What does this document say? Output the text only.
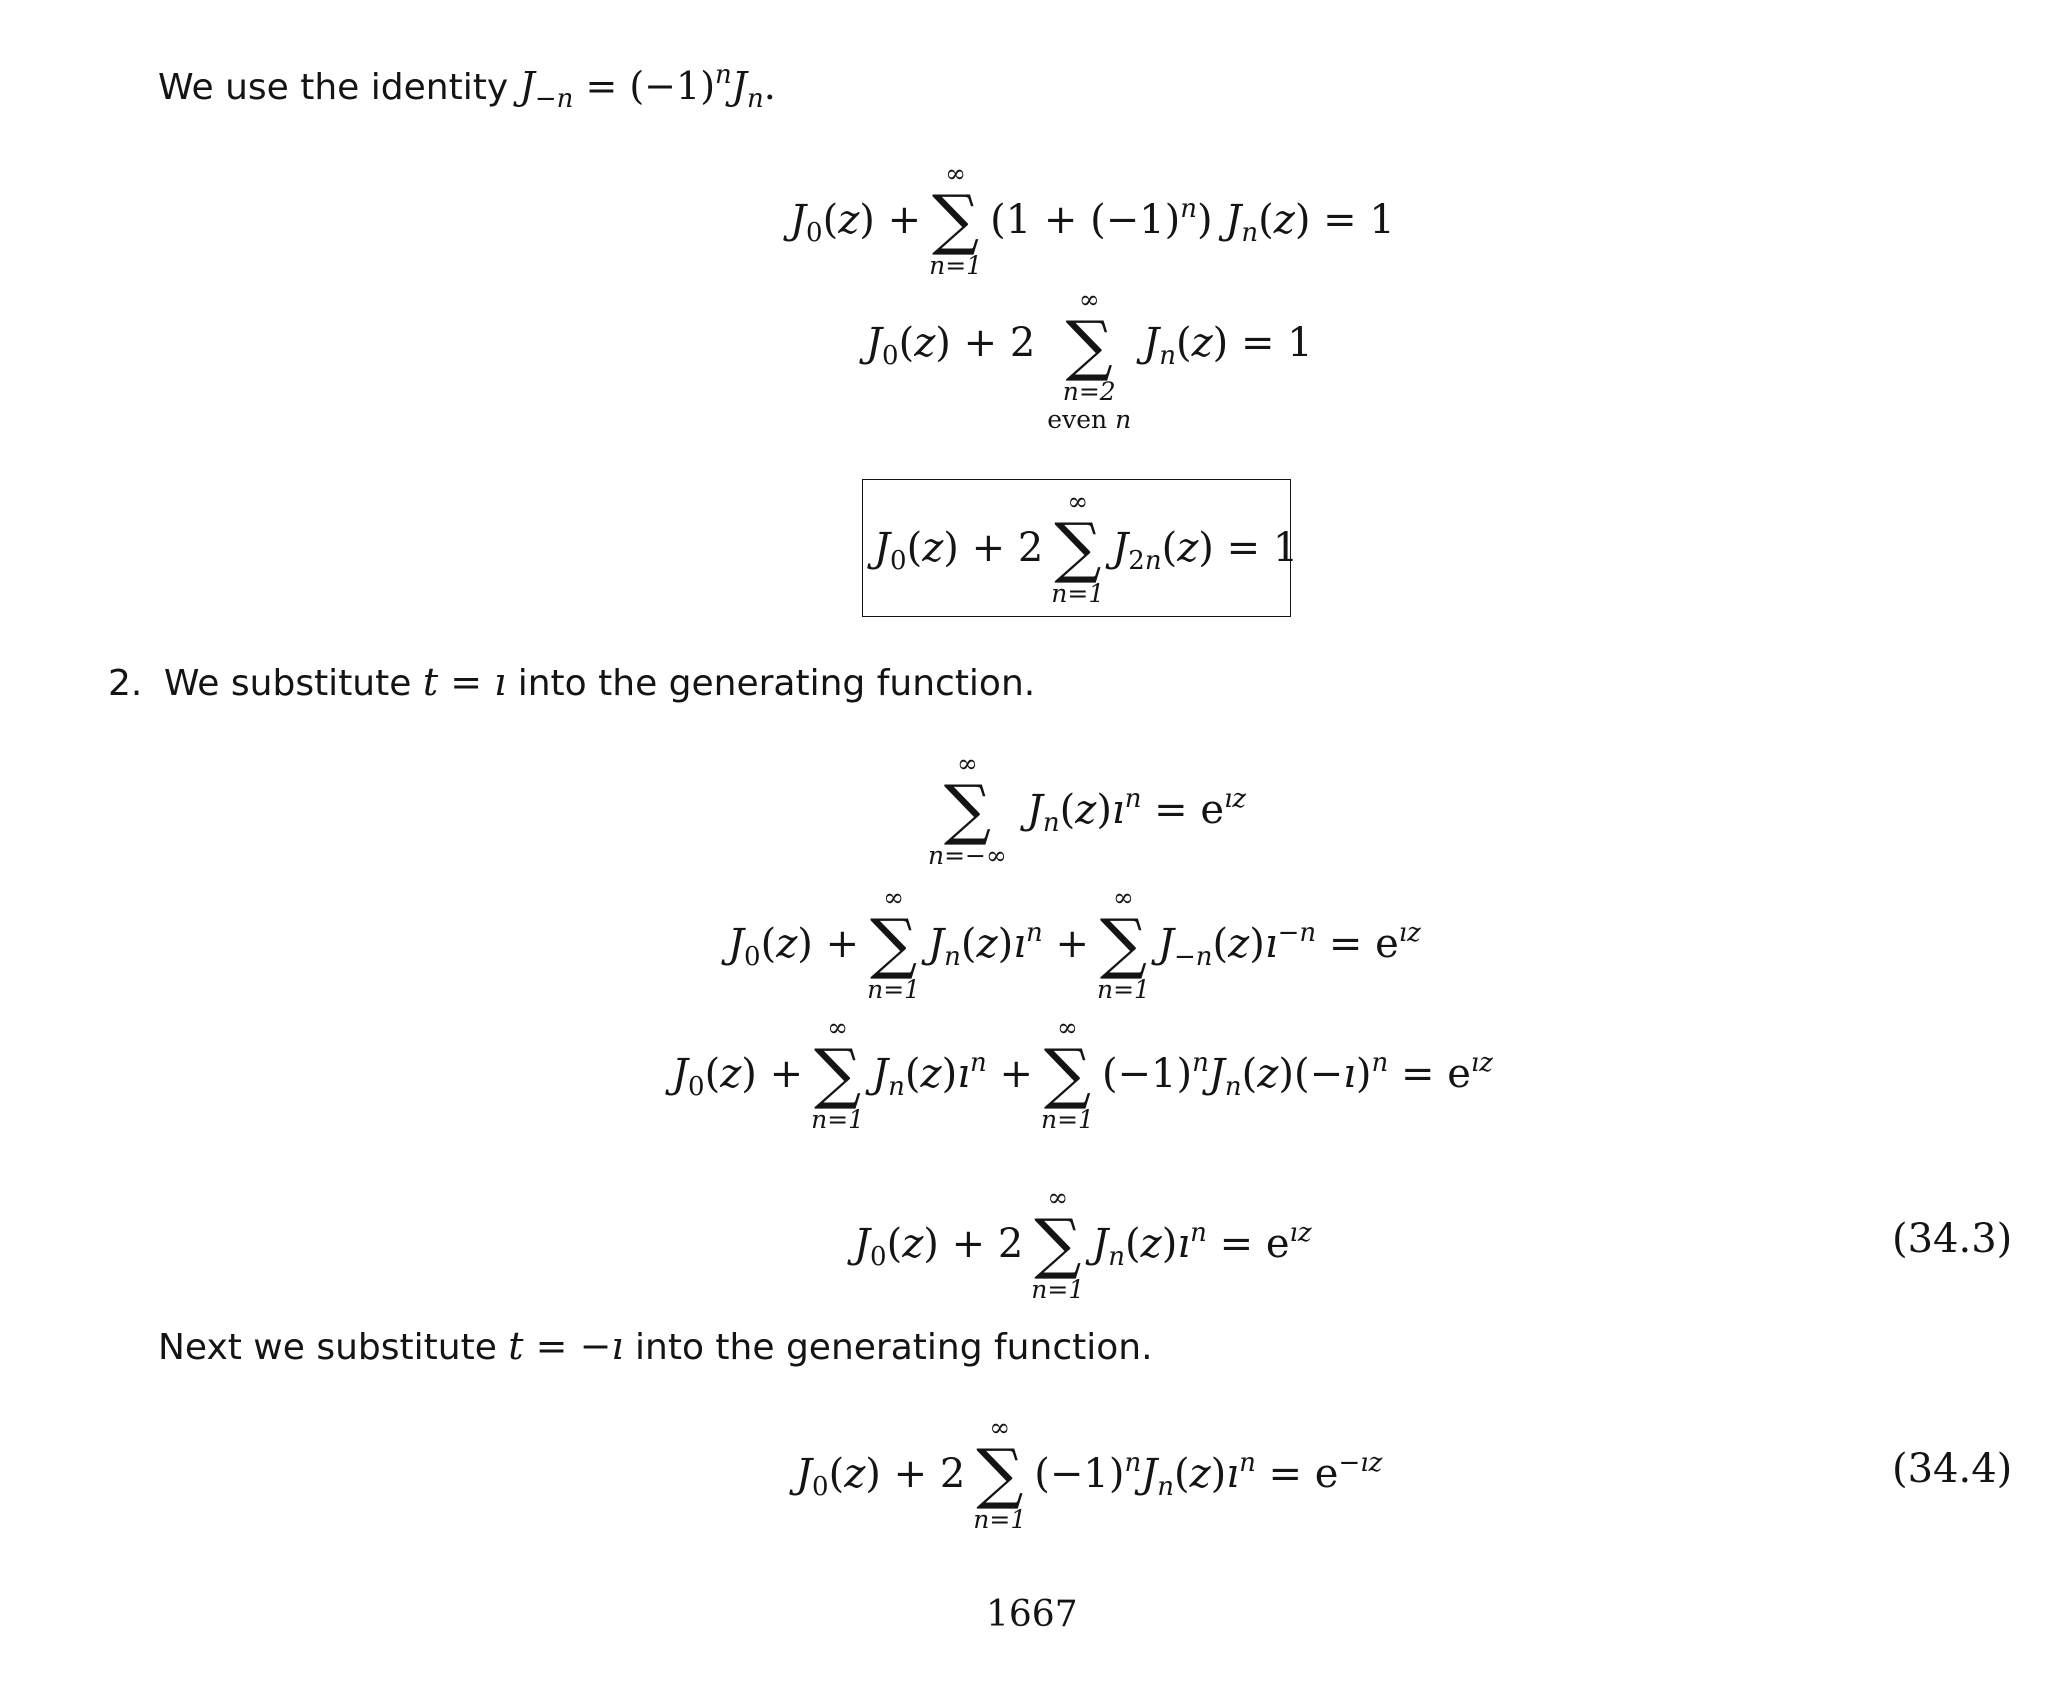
We use the identity $J_{-n} = (-1)^nJ_n$.
$J_0(z)$ +
∞
∑
n=1
$(1 + (-1)^n)$ $J_n(z) = 1$
$J_0(z) + 2$
∞
∑
n=2
even n
$J_n(z) = 1$
$J_0(z) + 2$
∞
∑
n=1
$J_{2n}(z) = 1$
2. We substitute t = ı into the generating function.
∞
∑
n=−∞
$J_n(z)ı^n = e^{ız}$
$J_0(z)$ +
∞
∑
n=1
$J_n(z)ı^n$ +
∞
∑
n=1
$J_{-n}(z)ı^{-n} = e^{ız}$
$J_0(z)$ +
∞
∑
n=1
$J_n(z)ı^n$ +
∞
∑
n=1
$(-1)^nJ_n(z)(-ı)^n = e^{ız}$
$J_0(z) + 2$
∞
∑
n=1
$J_n(z)ı^n = e^{ız}$	(34.3)
Next we substitute t = −ı into the generating function.
$J_0(z) + 2$
∞
∑
n=1
$(-1)^nJ_n(z)ı^n = e^{-ız}$	(34.4)
1667
